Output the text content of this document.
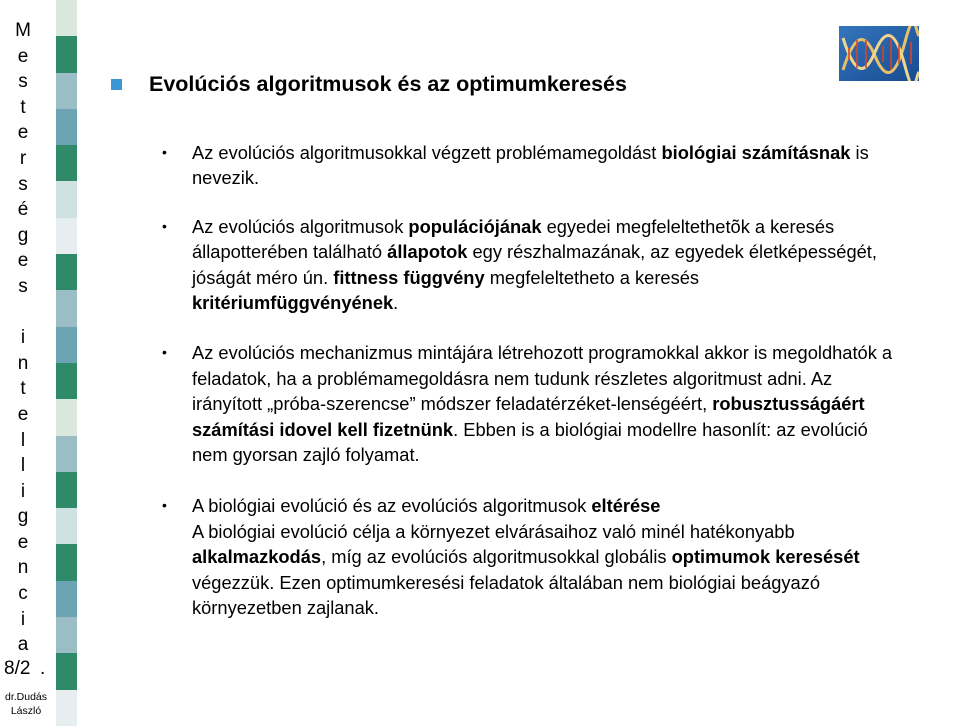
M
e
s
t
e
r
s
é
g
e
s
i
n
t
e
l
l
i
g
e
n
c
i
a
8/2 .
dr.Dudás
László
Evolúciós algoritmusok és az optimumkeresés
• Az evolúciós algoritmusokkal végzett problémamegoldást biológiai számításnak is nevezik.

• Az evolúciós algoritmusok populációjának egyedei megfeleltethetõk a keresés állapotterében található állapotok egy részhalmazának, az egyedek életképességét, jóságát méro ún. fittness függvény megfeleltetheto a keresés kritériumfüggvényének.

• Az evolúciós mechanizmus mintájára létrehozott programokkal akkor is megoldhatók a feladatok, ha a problémamegoldásra nem tudunk részletes algoritmust adni. Az irányított „próba-szerencse” módszer feladatérzéket-lenségéért, robusztusságáért számítási idovel kell fizetnünk. Ebben is a biológiai modellre hasonlít: az evolúció nem gyorsan zajló folyamat.

• A biológiai evolúció és az evolúciós algoritmusok eltérése
A biológiai evolúció célja a környezet elvárásaihoz való minél hatékonyabb alkalmazkodás, míg az evolúciós algoritmusokkal globális optimumok keresését végezzük. Ezen optimumkeresési feladatok általában nem biológiai beágyazó környezetben zajlanak.
